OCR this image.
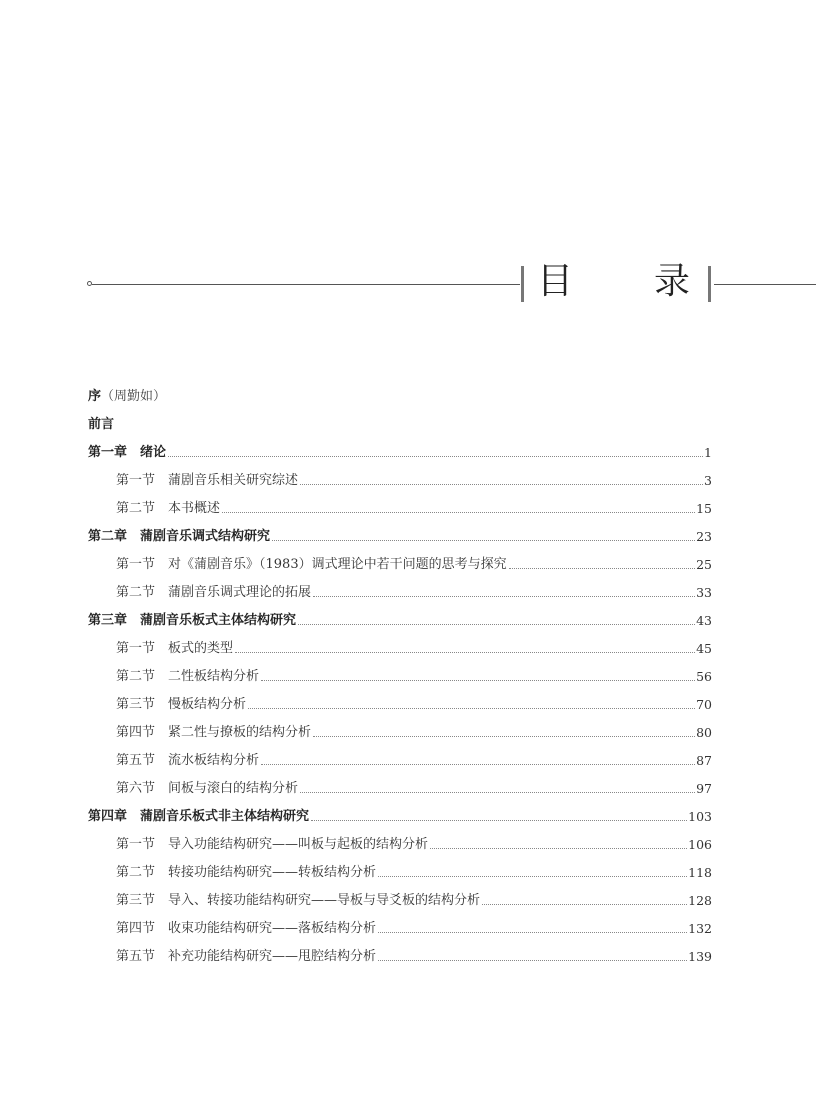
目 录
序 （周勤如）
前言
第一章 绪论	1
第一节 蒲剧音乐相关研究综述	3
第二节 本书概述	15
第二章 蒲剧音乐调式结构研究	23
第一节 对《蒲剧音乐》（1983）调式理论中若干问题的思考与探究	25
第二节 蒲剧音乐调式理论的拓展	33
第三章 蒲剧音乐板式主体结构研究	43
第一节 板式的类型	45
第二节 二性板结构分析	56
第三节 慢板结构分析	70
第四节 紧二性与撩板的结构分析	80
第五节 流水板结构分析	87
第六节 间板与滚白的结构分析	97
第四章 蒲剧音乐板式非主体结构研究	103
第一节 导入功能结构研究——叫板与起板的结构分析	106
第二节 转接功能结构研究——转板结构分析	118
第三节 导入、转接功能结构研究——导板与导爻板的结构分析	128
第四节 收束功能结构研究——落板结构分析	132
第五节 补充功能结构研究——甩腔结构分析	139
